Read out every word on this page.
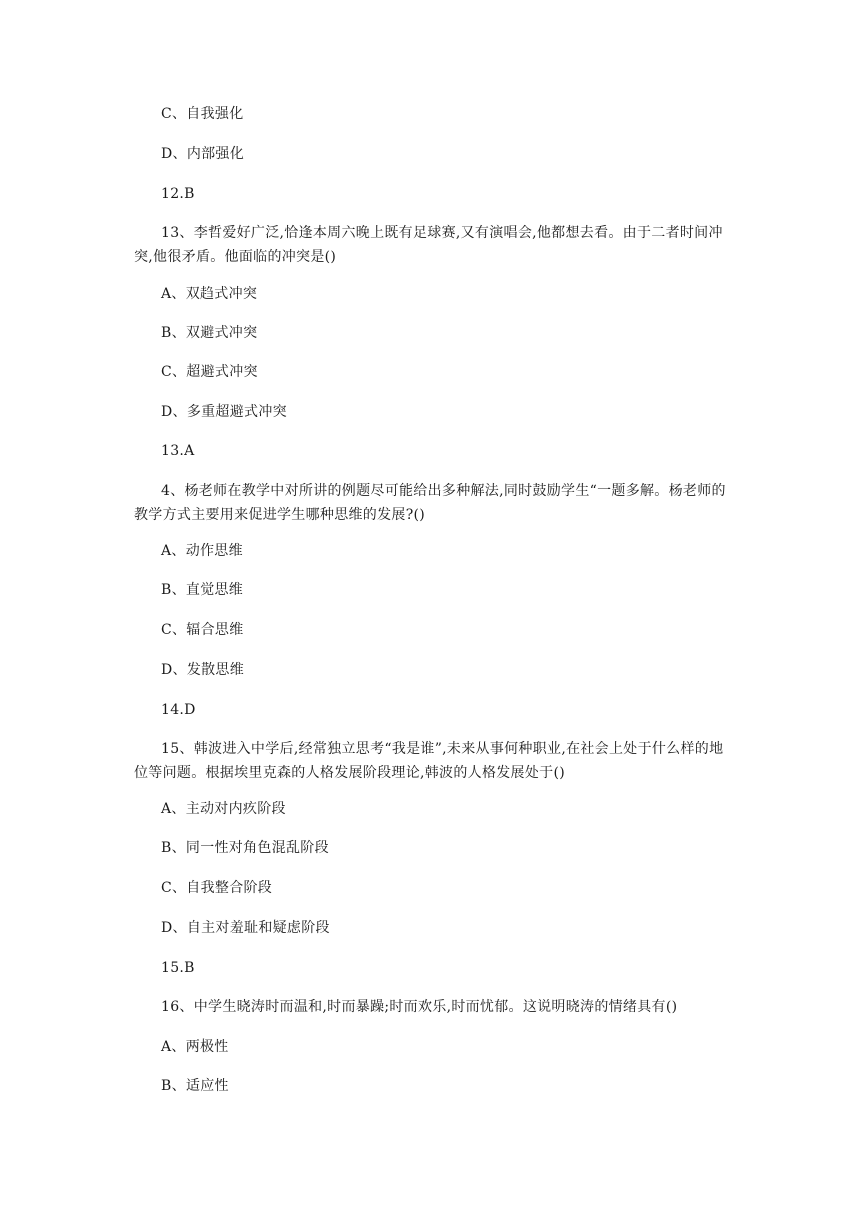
C、自我强化
D、内部强化
12.B
13、李哲爱好广泛,恰逢本周六晚上既有足球赛,又有演唱会,他都想去看。由于二者时间冲突,他很矛盾。他面临的冲突是()
A、双趋式冲突
B、双避式冲突
C、超避式冲突
D、多重超避式冲突
13.A
4、杨老师在教学中对所讲的例题尽可能给出多种解法,同时鼓励学生“一题多解。杨老师的教学方式主要用来促进学生哪种思维的发展?()
A、动作思维
B、直觉思维
C、辐合思维
D、发散思维
14.D
15、韩波进入中学后,经常独立思考“我是谁”,未来从事何种职业,在社会上处于什么样的地位等问题。根据埃里克森的人格发展阶段理论,韩波的人格发展处于()
A、主动对内疚阶段
B、同一性对角色混乱阶段
C、自我整合阶段
D、自主对羞耻和疑虑阶段
15.B
16、中学生晓涛时而温和,时而暴躁;时而欢乐,时而忧郁。这说明晓涛的情绪具有()
A、两极性
B、适应性
